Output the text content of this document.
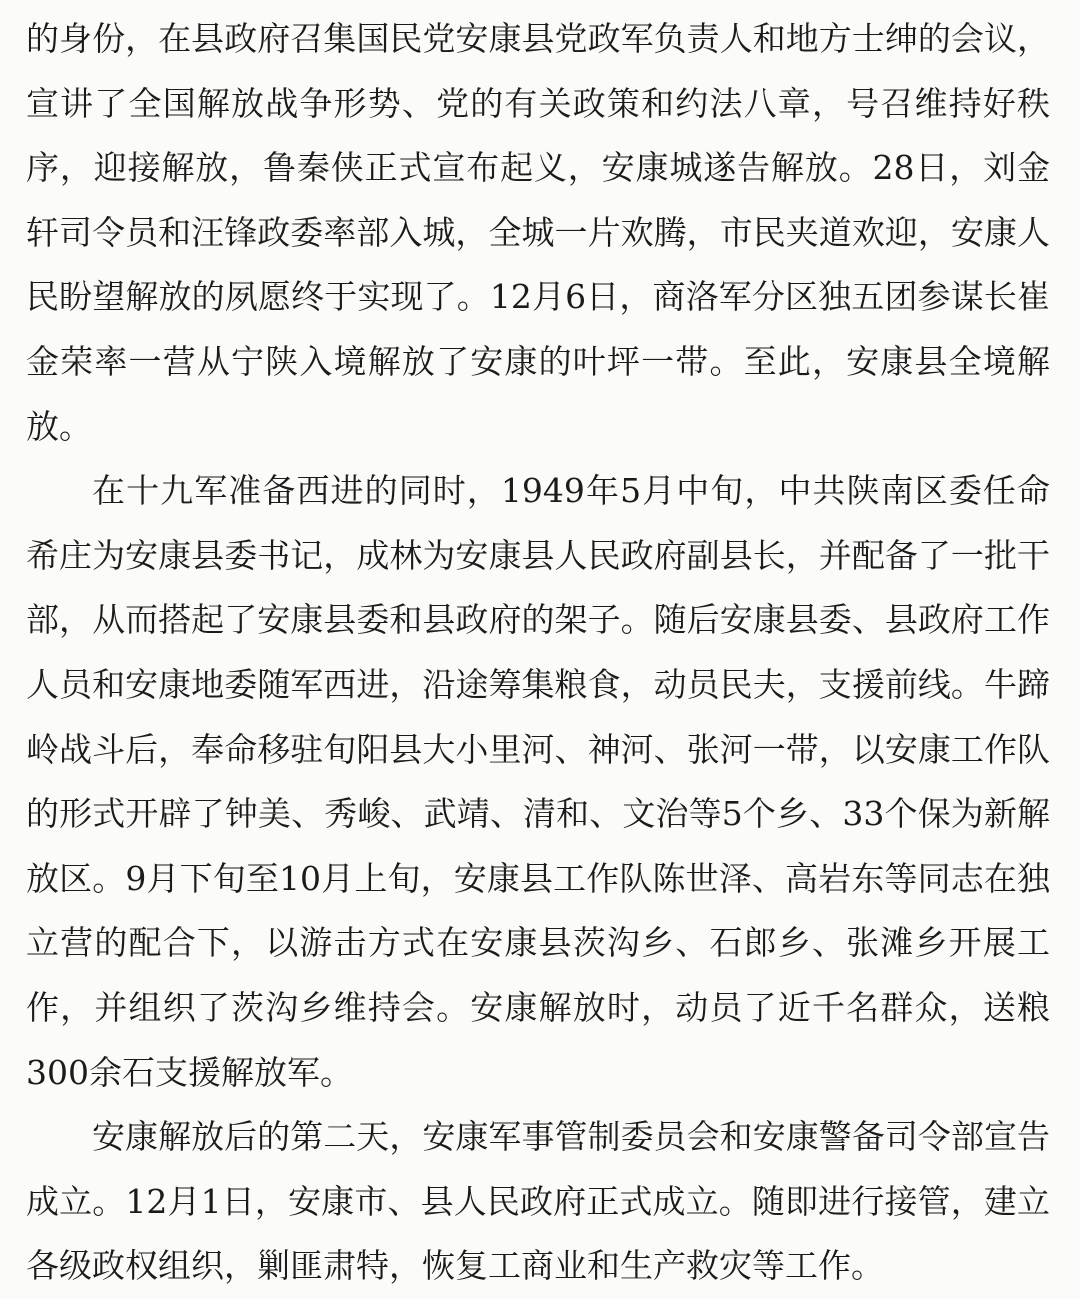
的身份，在县政府召集国民党安康县党政军负责人和地方士绅的会议，宣讲了全国解放战争形势、党的有关政策和约法八章，号召维持好秩序，迎接解放，鲁秦侠正式宣布起义，安康城遂告解放。28日，刘金轩司令员和汪锋政委率部入城，全城一片欢腾，市民夹道欢迎，安康人民盼望解放的夙愿终于实现了。12月6日，商洛军分区独五团参谋长崔金荣率一营从宁陕入境解放了安康的叶坪一带。至此，安康县全境解放。

在十九军准备西进的同时，1949年5月中旬，中共陕南区委任命希庄为安康县委书记，成林为安康县人民政府副县长，并配备了一批干部，从而搭起了安康县委和县政府的架子。随后安康县委、县政府工作人员和安康地委随军西进，沿途筹集粮食，动员民夫，支援前线。牛蹄岭战斗后，奉命移驻旬阳县大小里河、神河、张河一带，以安康工作队的形式开辟了钟美、秀峻、武靖、清和、文治等5个乡、33个保为新解放区。9月下旬至10月上旬，安康县工作队陈世泽、高岩东等同志在独立营的配合下，以游击方式在安康县茨沟乡、石郎乡、张滩乡开展工作，并组织了茨沟乡维持会。安康解放时，动员了近千名群众，送粮300余石支援解放军。

安康解放后的第二天，安康军事管制委员会和安康警备司令部宣告成立。12月1日，安康市、县人民政府正式成立。随即进行接管，建立各级政权组织，剿匪肃特，恢复工商业和生产救灾等工作。
